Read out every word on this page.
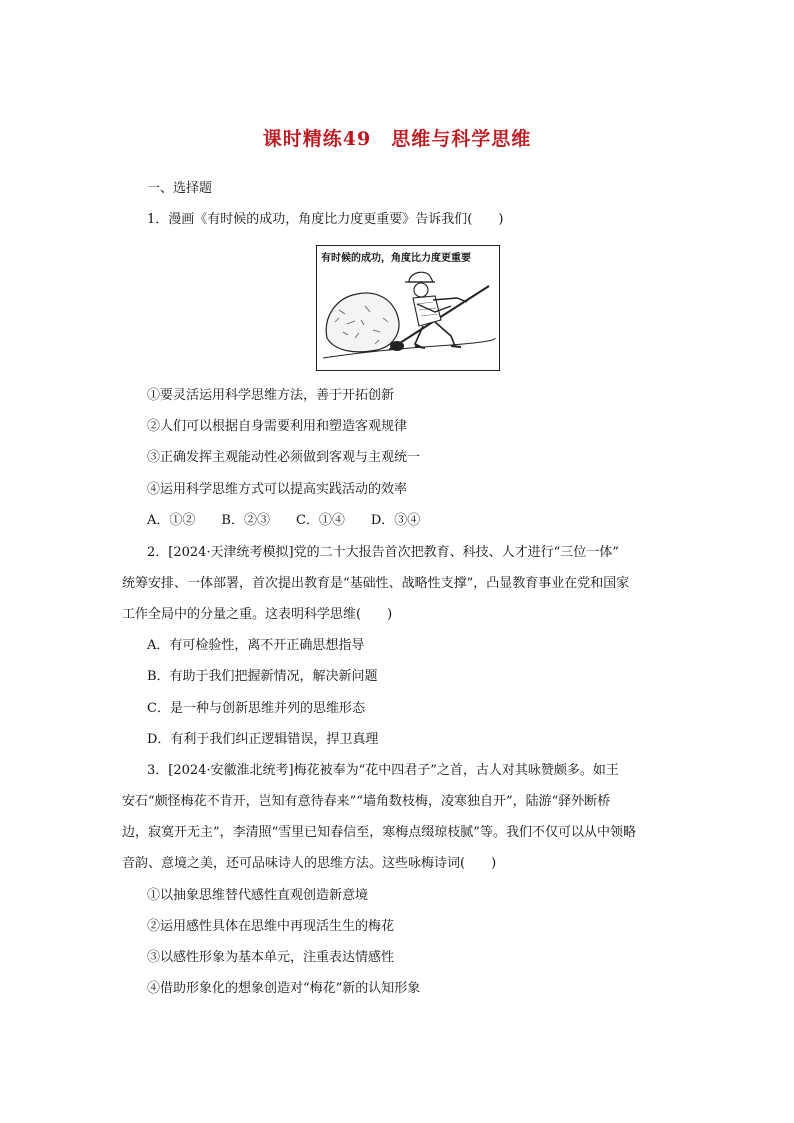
课时精练49　思维与科学思维
一、选择题
1．漫画《有时候的成功，角度比力度更重要》告诉我们(　　)
有时候的成功，角度比力度更重要
①要灵活运用科学思维方法，善于开拓创新
②人们可以根据自身需要利用和塑造客观规律
③正确发挥主观能动性必须做到客观与主观统一
④运用科学思维方式可以提高实践活动的效率
A．①②　　B．②③　　C．①④　　D．③④
2．[2024·天津统考模拟]党的二十大报告首次把教育、科技、人才进行“三位一体”
统筹安排、一体部署，首次提出教育是“基础性、战略性支撑”，凸显教育事业在党和国家
工作全局中的分量之重。这表明科学思维(　　)
A．有可检验性，离不开正确思想指导
B．有助于我们把握新情况，解决新问题
C．是一种与创新思维并列的思维形态
D．有利于我们纠正逻辑错误，捍卫真理
3．[2024·安徽淮北统考]梅花被奉为“花中四君子”之首，古人对其咏赞颇多。如王
安石“颇怪梅花不肯开，岂知有意待春来”“墙角数枝梅，凌寒独自开”，陆游“驿外断桥
边，寂寞开无主”，李清照“雪里已知春信至，寒梅点缀琼枝腻”等。我们不仅可以从中领略
音韵、意境之美，还可品味诗人的思维方法。这些咏梅诗词(　　)
①以抽象思维替代感性直观创造新意境
②运用感性具体在思维中再现活生生的梅花
③以感性形象为基本单元，注重表达情感性
④借助形象化的想象创造对“梅花”新的认知形象
